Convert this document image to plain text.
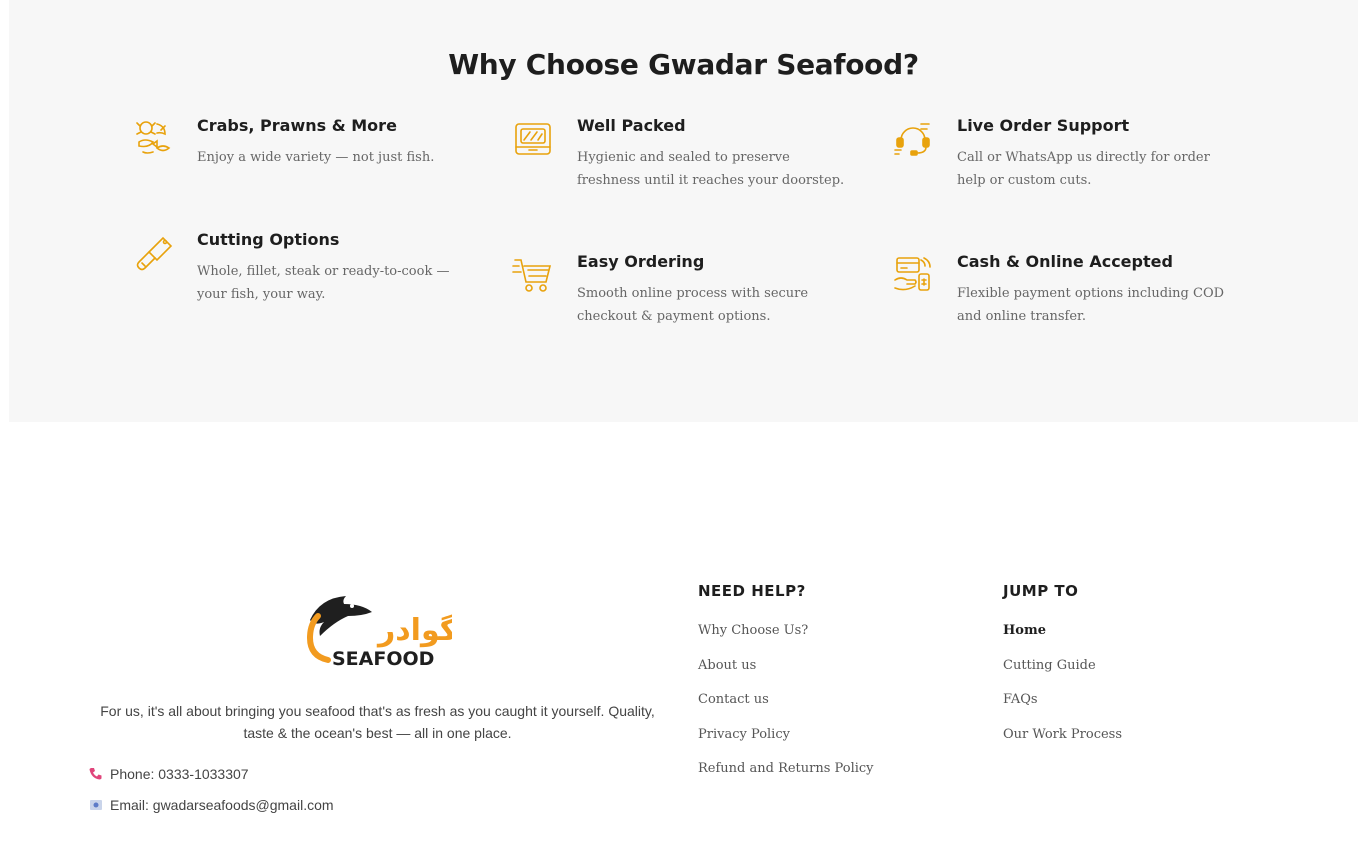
Why Choose Gwadar Seafood?
Crabs, Prawns & More

Enjoy a wide variety — not just fish.

Well Packed

Hygienic and sealed to preserve freshness until it reaches your doorstep.

Live Order Support

Call or WhatsApp us directly for order help or custom cuts.

Cutting Options

Whole, fillet, steak or ready-to-cook — your fish, your way.

Easy Ordering

Smooth online process with secure checkout & payment options.

Cash & Online Accepted

Flexible payment options including COD and online transfer.

گوادر
SEAFOOD

For us, it's all about bringing you seafood that's as fresh as you caught it yourself. Quality, taste & the ocean's best — all in one place.

Phone: 0333-1033307
Email: gwadarseafoods@gmail.com
NEED HELP?
Why Choose Us?
About us
Contact us
Privacy Policy
Refund and Returns Policy
JUMP TO
Home
Cutting Guide
FAQs
Our Work Process
